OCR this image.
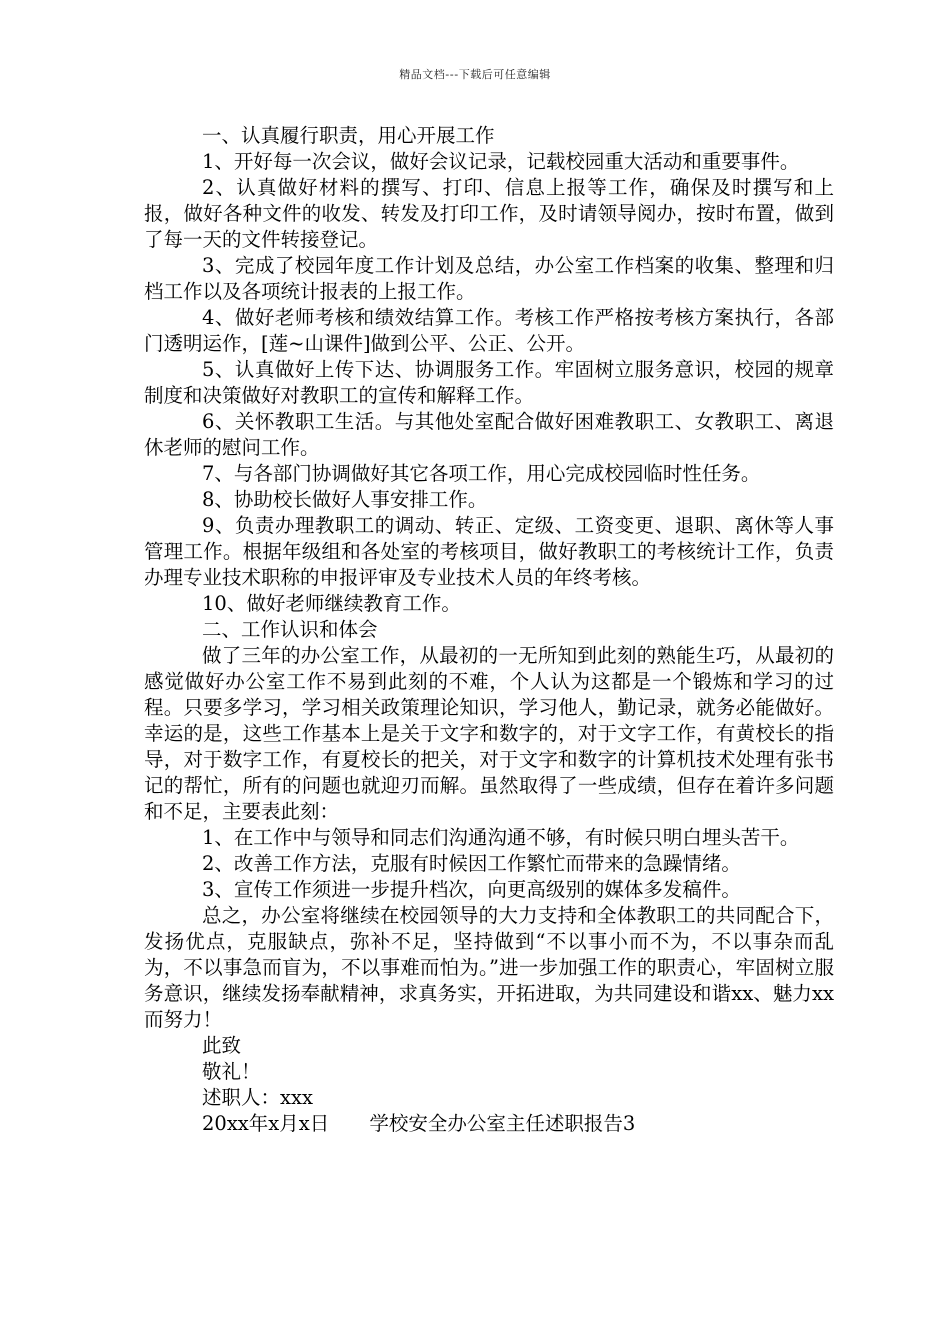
精品文档---下载后可任意编辑

一、认真履行职责，用心开展工作

1、开好每一次会议，做好会议记录，记载校园重大活动和重要事件。

2、认真做好材料的撰写、打印、信息上报等工作，确保及时撰写和上报，做好各种文件的收发、转发及打印工作，及时请领导阅办，按时布置，做到了每一天的文件转接登记。

3、完成了校园年度工作计划及总结，办公室工作档案的收集、整理和归档工作以及各项统计报表的上报工作。

4、做好老师考核和绩效结算工作。考核工作严格按考核方案执行，各部门透明运作，[莲~山课件]做到公平、公正、公开。

5、认真做好上传下达、协调服务工作。牢固树立服务意识，校园的规章制度和决策做好对教职工的宣传和解释工作。

6、关怀教职工生活。与其他处室配合做好困难教职工、女教职工、离退休老师的慰问工作。

7、与各部门协调做好其它各项工作，用心完成校园临时性任务。

8、协助校长做好人事安排工作。

9、负责办理教职工的调动、转正、定级、工资变更、退职、离休等人事管理工作。根据年级组和各处室的考核项目，做好教职工的考核统计工作，负责办理专业技术职称的申报评审及专业技术人员的年终考核。

10、做好老师继续教育工作。

二、工作认识和体会

做了三年的办公室工作，从最初的一无所知到此刻的熟能生巧，从最初的感觉做好办公室工作不易到此刻的不难，个人认为这都是一个锻炼和学习的过程。只要多学习，学习相关政策理论知识，学习他人，勤记录，就务必能做好。幸运的是，这些工作基本上是关于文字和数字的，对于文字工作，有黄校长的指导，对于数字工作，有夏校长的把关，对于文字和数字的计算机技术处理有张书记的帮忙，所有的问题也就迎刃而解。虽然取得了一些成绩，但存在着许多问题和不足，主要表此刻：

1、在工作中与领导和同志们沟通沟通不够，有时候只明白埋头苦干。

2、改善工作方法，克服有时候因工作繁忙而带来的急躁情绪。

3、宣传工作须进一步提升档次，向更高级别的媒体多发稿件。

总之，办公室将继续在校园领导的大力支持和全体教职工的共同配合下，发扬优点，克服缺点，弥补不足，坚持做到“不以事小而不为，不以事杂而乱为，不以事急而盲为，不以事难而怕为。”进一步加强工作的职责心，牢固树立服务意识，继续发扬奉献精神，求真务实，开拓进取，为共同建设和谐xx、魅力xx而努力！

此致

敬礼！

述职人：xxx

20xx年x月x日 学校安全办公室主任述职报告3
